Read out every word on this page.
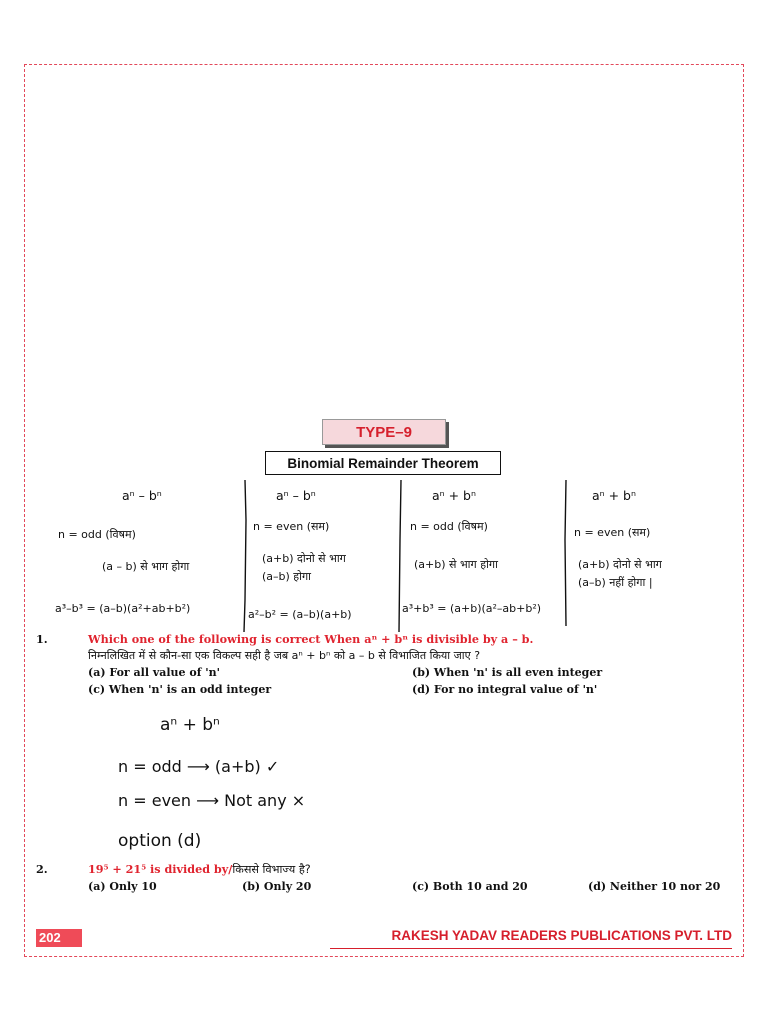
TYPE–9
Binomial Remainder Theorem
aⁿ – bⁿ
n = odd (विषम)
(a – b) से भाग होगा
a³–b³ = (a–b)(a²+ab+b²)
aⁿ – bⁿ
n = even (सम)
(a+b) दोनो से भाग
(a–b) होगा
a²–b² = (a–b)(a+b)
aⁿ + bⁿ
n = odd (विषम)
(a+b) से भाग होगा
a³+b³ = (a+b)(a²–ab+b²)
aⁿ + bⁿ
n = even (सम)
(a+b) दोनो से भाग
(a–b) नहीं होगा |
1.	Which one of the following is correct When aⁿ + bⁿ is divisible by a – b.
निम्नलिखित में से कौन-सा एक विकल्प सही है जब aⁿ + bⁿ को a – b से विभाजित किया जाए ?
(a) For all value of 'n'	(b) When 'n' is all even integer
(c) When 'n' is an odd integer	(d) For no integral value of 'n'
aⁿ + bⁿ
n = odd ⟶ (a+b) ✓
n = even ⟶ Not any ×
option (d)
2.	19⁵ + 21⁵ is divided by/किससे विभाज्य है?
(a) Only 10	(b) Only 20	(c) Both 10 and 20	(d) Neither 10 nor 20
202	RAKESH YADAV READERS PUBLICATIONS PVT. LTD
